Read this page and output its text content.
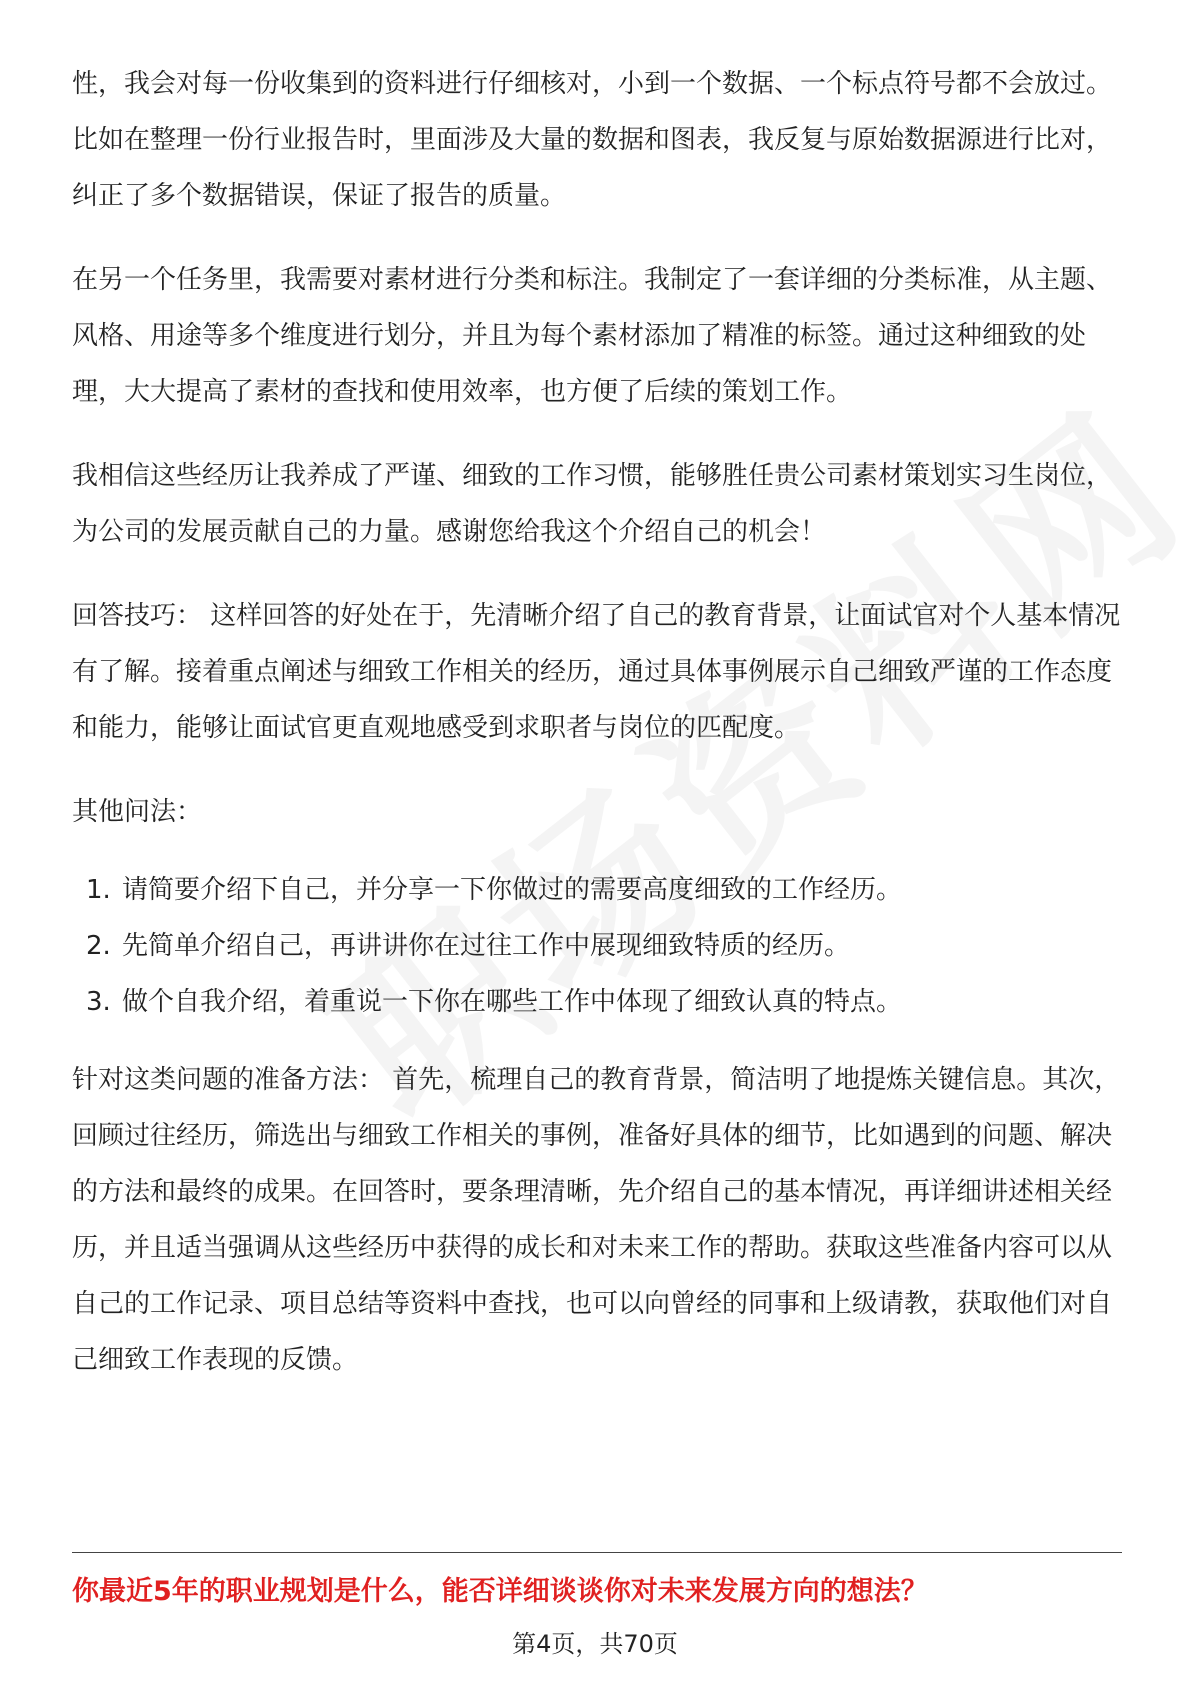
性，我会对每一份收集到的资料进行仔细核对，小到一个数据、一个标点符号都不会放过。比如在整理一份行业报告时，里面涉及大量的数据和图表，我反复与原始数据源进行比对，纠正了多个数据错误，保证了报告的质量。

在另一个任务里，我需要对素材进行分类和标注。我制定了一套详细的分类标准，从主题、风格、用途等多个维度进行划分，并且为每个素材添加了精准的标签。通过这种细致的处理，大大提高了素材的查找和使用效率，也方便了后续的策划工作。

我相信这些经历让我养成了严谨、细致的工作习惯，能够胜任贵公司素材策划实习生岗位，为公司的发展贡献自己的力量。感谢您给我这个介绍自己的机会！

回答技巧： 这样回答的好处在于，先清晰介绍了自己的教育背景，让面试官对个人基本情况有了解。接着重点阐述与细致工作相关的经历，通过具体事例展示自己细致严谨的工作态度和能力，能够让面试官更直观地感受到求职者与岗位的匹配度。

其他问法：

1. 请简要介绍下自己，并分享一下你做过的需要高度细致的工作经历。
2. 先简单介绍自己，再讲讲你在过往工作中展现细致特质的经历。
3. 做个自我介绍，着重说一下你在哪些工作中体现了细致认真的特点。

针对这类问题的准备方法： 首先，梳理自己的教育背景，简洁明了地提炼关键信息。其次，回顾过往经历，筛选出与细致工作相关的事例，准备好具体的细节，比如遇到的问题、解决的方法和最终的成果。在回答时，要条理清晰，先介绍自己的基本情况，再详细讲述相关经历，并且适当强调从这些经历中获得的成长和对未来工作的帮助。获取这些准备内容可以从自己的工作记录、项目总结等资料中查找，也可以向曾经的同事和上级请教，获取他们对自己细致工作表现的反馈。

你最近5年的职业规划是什么，能否详细谈谈你对未来发展方向的想法？
第4页，共70页
